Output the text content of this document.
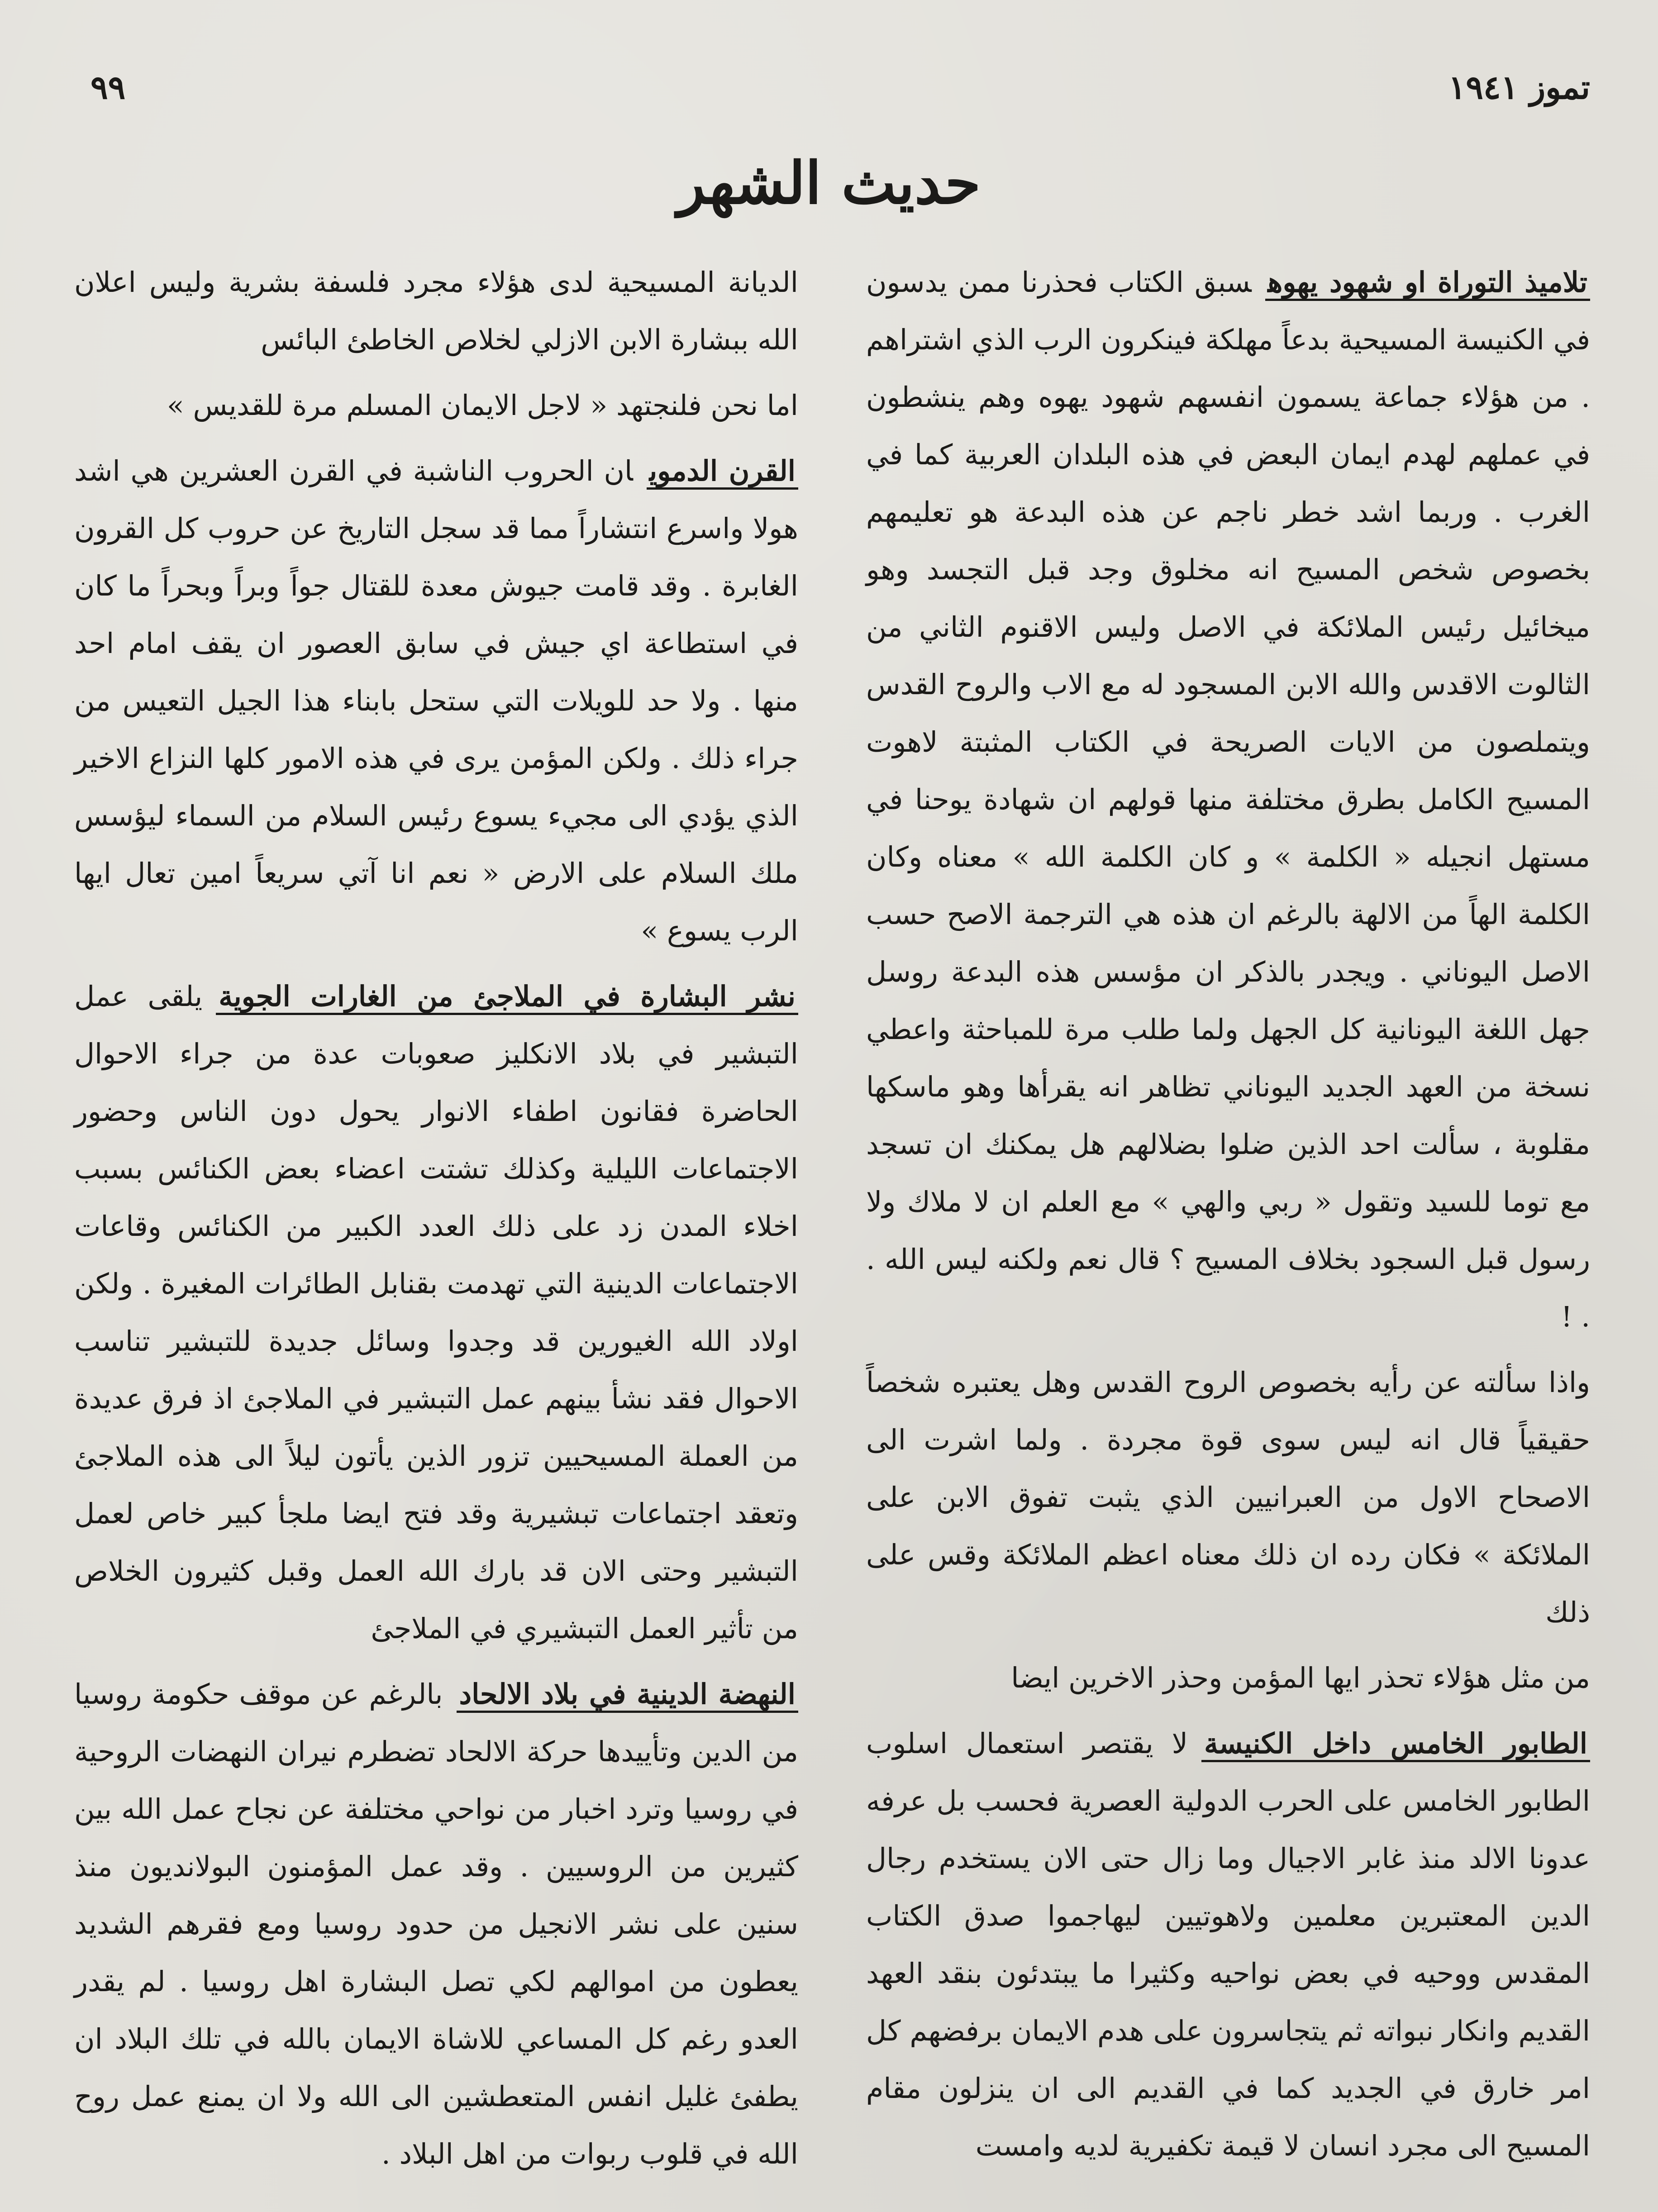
تموز ١٩٤١
٩٩
حديث الشهر

تلاميذ التوراة او شهود يهوهسبق الكتاب فحذرنا ممن يدسون في الكنيسة المسيحية بدعاً مهلكة فينكرون الرب الذي اشتراهم . من هؤلاء جماعة يسمون انفسهم شهود يهوه وهم ينشطون في عملهم لهدم ايمان البعض في هذه البلدان العربية كما في الغرب . وربما اشد خطر ناجم عن هذه البدعة هو تعليمهم بخصوص شخص المسيح انه مخلوق وجد قبل التجسد وهو ميخائيل رئيس الملائكة في الاصل وليس الاقنوم الثاني من الثالوت الاقدس والله الابن المسجود له مع الاب والروح القدس ويتملصون من الايات الصريحة في الكتاب المثبتة لاهوت المسيح الكامل بطرق مختلفة منها قولهم ان شهادة يوحنا في مستهل انجيله « الكلمة » و كان الكلمة الله » معناه وكان الكلمة الهاً من الالهة بالرغم ان هذه هي الترجمة الاصح حسب الاصل اليوناني . ويجدر بالذكر ان مؤسس هذه البدعة روسل جهل اللغة اليونانية كل الجهل ولما طلب مرة للمباحثة واعطي نسخة من العهد الجديد اليوناني تظاهر انه يقرأها وهو ماسكها مقلوبة ، سألت احد الذين ضلوا بضلالهم هل يمكنك ان تسجد مع توما للسيد وتقول « ربي والهي » مع العلم ان لا ملاك ولا رسول قبل السجود بخلاف المسيح ؟ قال نعم ولكنه ليس الله . . !

واذا سألته عن رأيه بخصوص الروح القدس وهل يعتبره شخصاً حقيقياً قال انه ليس سوى قوة مجردة . ولما اشرت الى الاصحاح الاول من العبرانيين الذي يثبت تفوق الابن على الملائكة » فكان رده ان ذلك معناه اعظم الملائكة وقس على ذلك

من مثل هؤلاء تحذر ايها المؤمن وحذر الاخرين ايضا

الطابور الخامس داخل الكنيسةلا يقتصر استعمال اسلوب الطابور الخامس على الحرب الدولية العصرية فحسب بل عرفه عدونا الالد منذ غابر الاجيال وما زال حتى الان يستخدم رجال الدين المعتبرين معلمين ولاهوتيين ليهاجموا صدق الكتاب المقدس ووحيه في بعض نواحيه وكثيرا ما يبتدئون بنقد العهد القديم وانكار نبواته ثم يتجاسرون على هدم الايمان برفضهم كل امر خارق في الجديد كما في القديم الى ان ينزلون مقام المسيح الى مجرد انسان لا قيمة تكفيرية لديه وامست

الديانة المسيحية لدى هؤلاء مجرد فلسفة بشرية وليس اعلان الله ببشارة الابن الازلي لخلاص الخاطئ البائس

اما نحن فلنجتهد « لاجل الايمان المسلم مرة للقديس »

القرن الدمويان الحروب الناشبة في القرن العشرين هي اشد هولا واسرع انتشاراً مما قد سجل التاريخ عن حروب كل القرون الغابرة . وقد قامت جيوش معدة للقتال جواً وبراً وبحراً ما كان في استطاعة اي جيش في سابق العصور ان يقف امام احد منها . ولا حد للويلات التي ستحل بابناء هذا الجيل التعيس من جراء ذلك . ولكن المؤمن يرى في هذه الامور كلها النزاع الاخير الذي يؤدي الى مجيء يسوع رئيس السلام من السماء ليؤسس ملك السلام على الارض « نعم انا آتي سريعاً امين تعال ايها الرب يسوع »

نشر البشارة في الملاجئ من الغارات الجويةيلقى عمل التبشير في بلاد الانكليز صعوبات عدة من جراء الاحوال الحاضرة فقانون اطفاء الانوار يحول دون الناس وحضور الاجتماعات الليلية وكذلك تشتت اعضاء بعض الكنائس بسبب اخلاء المدن زد على ذلك العدد الكبير من الكنائس وقاعات الاجتماعات الدينية التي تهدمت بقنابل الطائرات المغيرة . ولكن اولاد الله الغيورين قد وجدوا وسائل جديدة للتبشير تناسب الاحوال فقد نشأ بينهم عمل التبشير في الملاجئ اذ فرق عديدة من العملة المسيحيين تزور الذين يأتون ليلاً الى هذه الملاجئ وتعقد اجتماعات تبشيرية وقد فتح ايضا ملجأ كبير خاص لعمل التبشير وحتى الان قد بارك الله العمل وقبل كثيرون الخلاص من تأثير العمل التبشيري في الملاجئ

النهضة الدينية في بلاد الالحادبالرغم عن موقف حكومة روسيا من الدين وتأييدها حركة الالحاد تضطرم نيران النهضات الروحية في روسيا وترد اخبار من نواحي مختلفة عن نجاح عمل الله بين كثيرين من الروسيين . وقد عمل المؤمنون البولانديون منذ سنين على نشر الانجيل من حدود روسيا ومع فقرهم الشديد يعطون من اموالهم لكي تصل البشارة اهل روسيا . لم يقدر العدو رغم كل المساعي للاشاة الايمان بالله في تلك البلاد ان يطفئ غليل انفس المتعطشين الى الله ولا ان يمنع عمل روح الله في قلوب ربوات من اهل البلاد .
